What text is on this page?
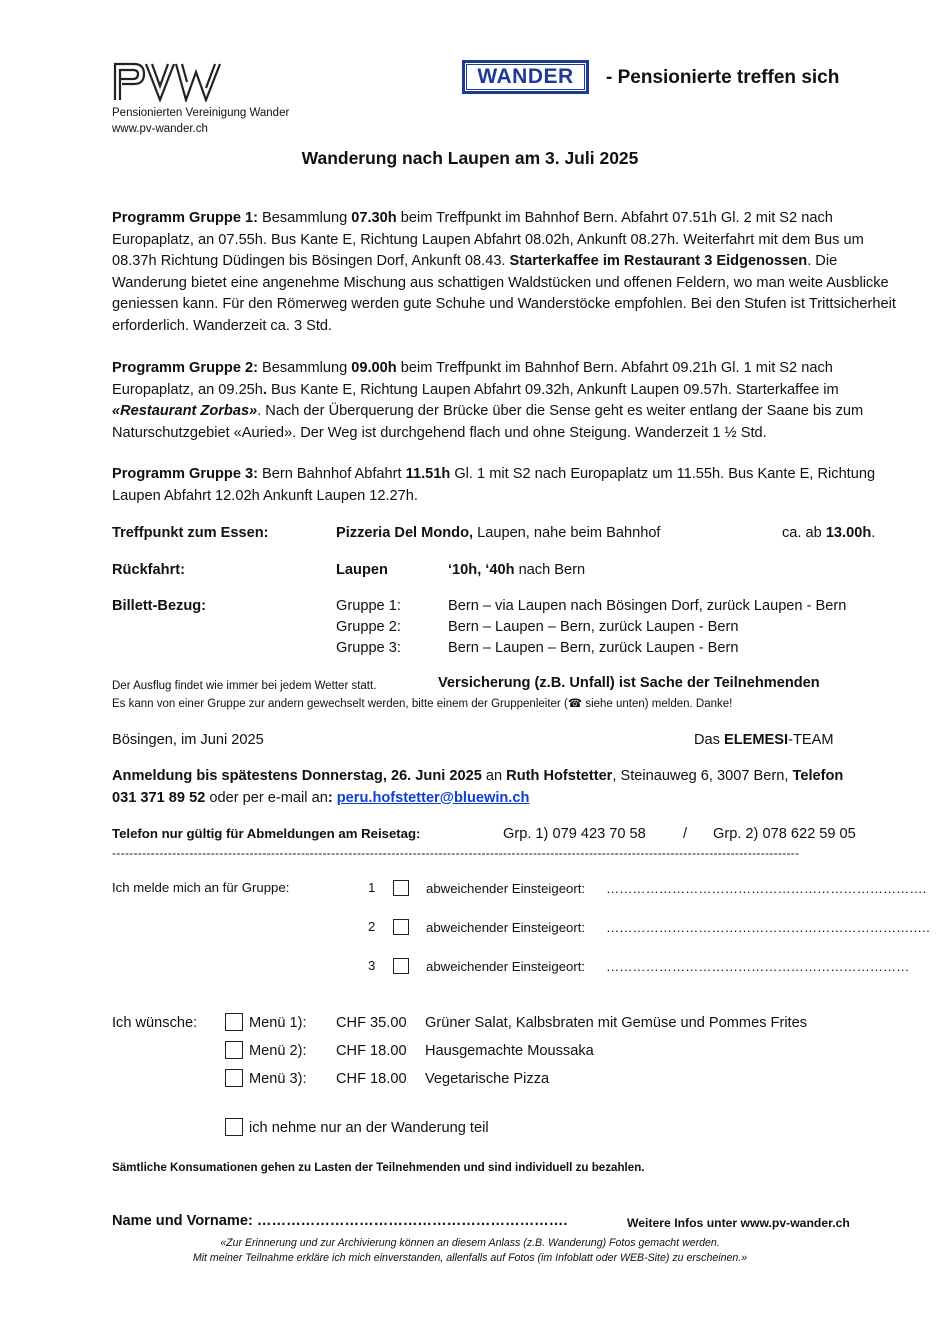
PVW
Pensionierten Vereinigung Wander
www.pv-wander.ch
WANDER	- Pensionierte treffen sich
Wanderung nach Laupen am 3. Juli 2025
Programm Gruppe 1: Besammlung 07.30h beim Treffpunkt im Bahnhof Bern. Abfahrt 07.51h Gl. 2 mit S2 nach Europaplatz, an 07.55h. Bus Kante E, Richtung Laupen Abfahrt 08.02h, Ankunft 08.27h. Weiterfahrt mit dem Bus um 08.37h Richtung Düdingen bis Bösingen Dorf, Ankunft 08.43. Starterkaffee im Restaurant 3 Eidgenossen. Die Wanderung bietet eine angenehme Mischung aus schattigen Waldstücken und offenen Feldern, wo man weite Ausblicke geniessen kann. Für den Römerweg werden gute Schuhe und Wanderstöcke empfohlen. Bei den Stufen ist Trittsicherheit erforderlich. Wanderzeit ca. 3 Std.
Programm Gruppe 2: Besammlung 09.00h beim Treffpunkt im Bahnhof Bern. Abfahrt 09.21h Gl. 1 mit S2 nach Europaplatz, an 09.25h. Bus Kante E, Richtung Laupen Abfahrt 09.32h, Ankunft Laupen 09.57h. Starterkaffee im «Restaurant Zorbas». Nach der Überquerung der Brücke über die Sense geht es weiter entlang der Saane bis zum Naturschutzgebiet «Auried». Der Weg ist durchgehend flach und ohne Steigung. Wanderzeit 1 ½ Std.
Programm Gruppe 3: Bern Bahnhof Abfahrt 11.51h Gl. 1 mit S2 nach Europaplatz um 11.55h. Bus Kante E, Richtung Laupen Abfahrt 12.02h Ankunft Laupen 12.27h.
Treffpunkt zum Essen:	Pizzeria Del Mondo, Laupen, nahe beim Bahnhof	ca. ab 13.00h.
Rückfahrt:	Laupen	‘10h, ‘40h nach Bern
Billett-Bezug:	Gruppe 1:	Bern – via Laupen nach Bösingen Dorf, zurück Laupen - Bern
Gruppe 2:	Bern – Laupen – Bern, zurück Laupen - Bern
Gruppe 3:	Bern – Laupen – Bern, zurück Laupen - Bern
Der Ausflug findet wie immer bei jedem Wetter statt.	Versicherung (z.B. Unfall) ist Sache der Teilnehmenden
Es kann von einer Gruppe zur andern gewechselt werden, bitte einem der Gruppenleiter (☎ siehe unten) melden. Danke!
Bösingen, im Juni 2025	Das ELEMESI-TEAM
Anmeldung bis spätestens Donnerstag, 26. Juni 2025 an Ruth Hofstetter, Steinauweg 6, 3007 Bern, Telefon
031 371 89 52 oder per e-mail an: peru.hofstetter@bluewin.ch
Telefon nur gültig für Abmeldungen am Reisetag:	Grp. 1) 079 423 70 58	/ Grp. 2) 078 622 59 05
----------------------------------------------------------------------------------------------------------------------------------------------------------------
Ich melde mich an für Gruppe:	1	abweichender Einsteigeort: ……………………………………………………………….
2	abweichender Einsteigeort: …………………………………………………………….….
3	abweichender Einsteigeort: ……………………………………………………………
Ich wünsche:	Menü 1): CHF 35.00 Grüner Salat, Kalbsbraten mit Gemüse und Pommes Frites
Menü 2): CHF 18.00 Hausgemachte Moussaka
Menü 3): CHF 18.00 Vegetarische Pizza
ich nehme nur an der Wanderung teil
Sämtliche Konsumationen gehen zu Lasten der Teilnehmenden und sind individuell zu bezahlen.
Name und Vorname: ……………………………………………………….	Weitere Infos unter www.pv-wander.ch
«Zur Erinnerung und zur Archivierung können an diesem Anlass (z.B. Wanderung) Fotos gemacht werden.
Mit meiner Teilnahme erkläre ich mich einverstanden, allenfalls auf Fotos (im Infoblatt oder WEB-Site) zu erscheinen.»
